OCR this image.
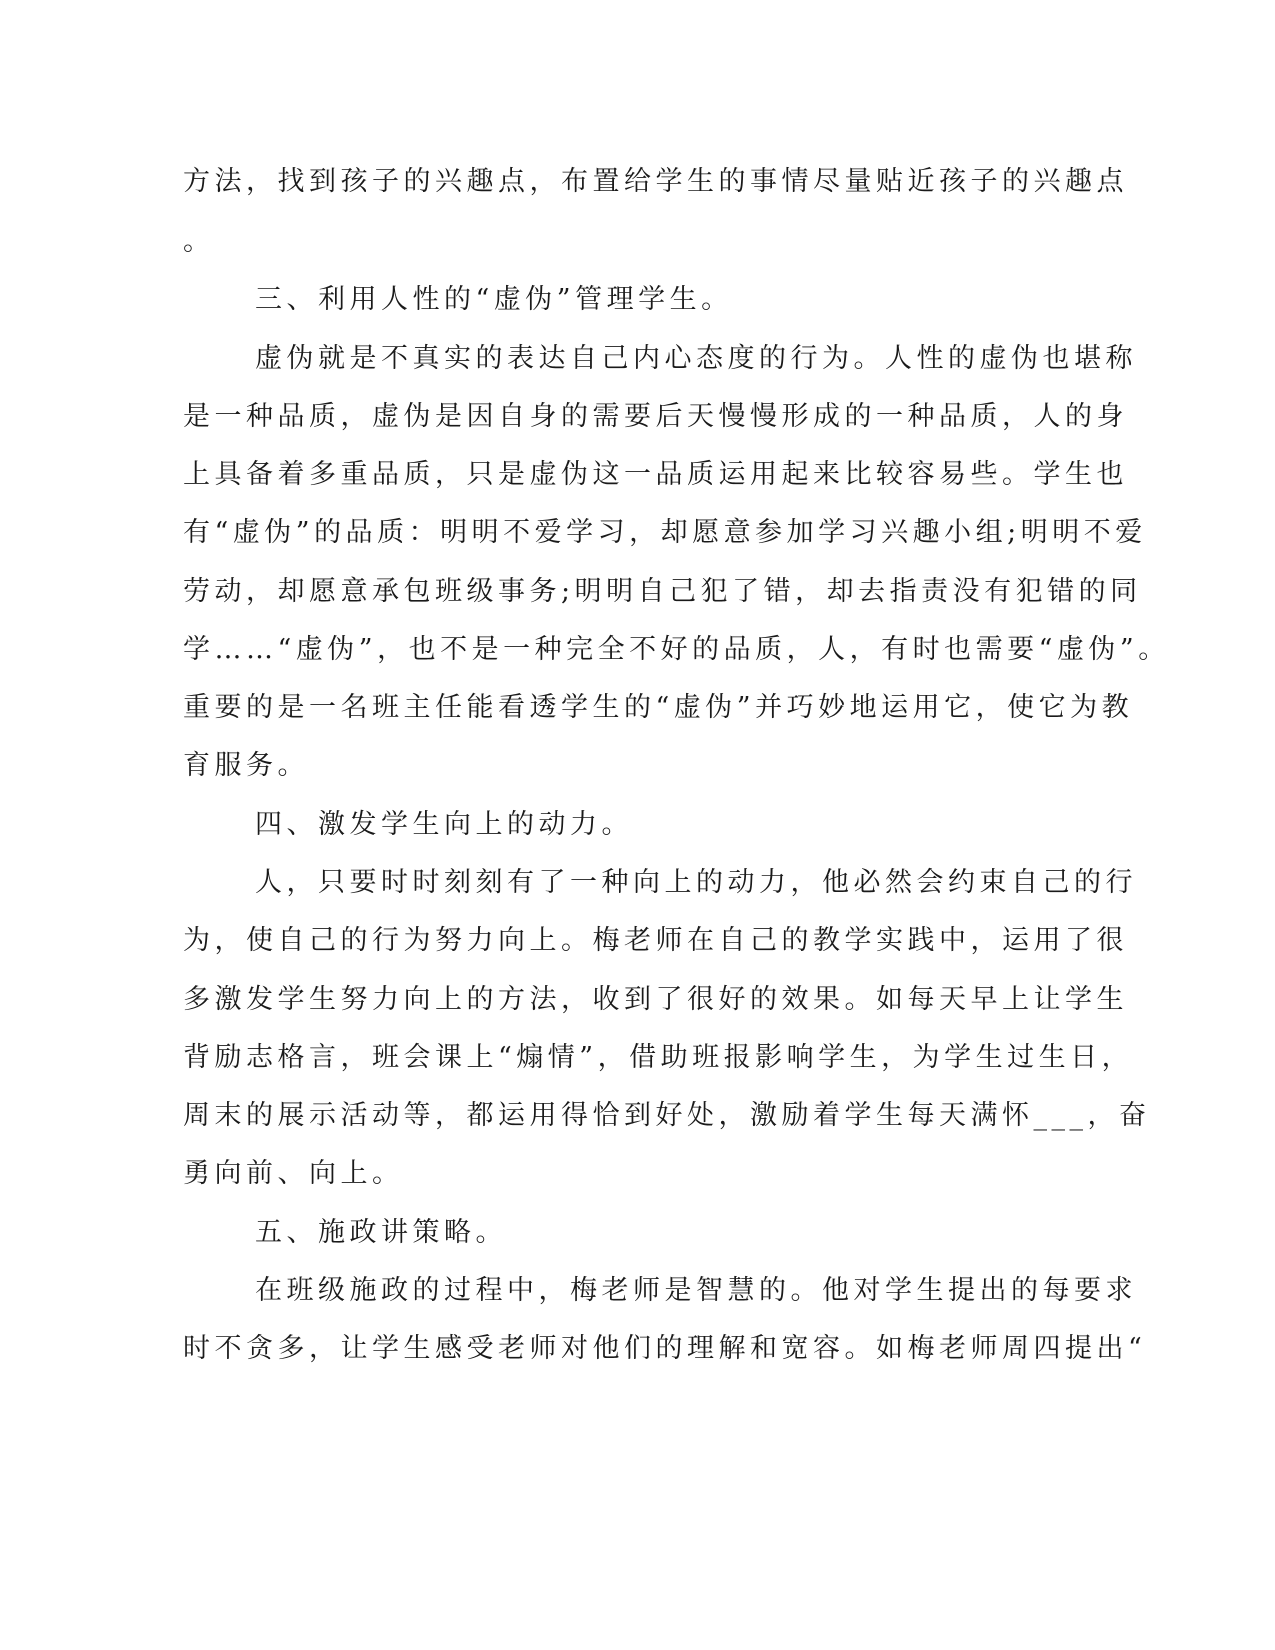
方法，找到孩子的兴趣点，布置给学生的事情尽量贴近孩子的兴趣点
。
三、利用人性的“虚伪”管理学生。
虚伪就是不真实的表达自己内心态度的行为。人性的虚伪也堪称
是一种品质，虚伪是因自身的需要后天慢慢形成的一种品质，人的身
上具备着多重品质，只是虚伪这一品质运用起来比较容易些。学生也
有“虚伪”的品质：明明不爱学习，却愿意参加学习兴趣小组;明明不爱
劳动，却愿意承包班级事务;明明自己犯了错，却去指责没有犯错的同
学……“虚伪”，也不是一种完全不好的品质，人，有时也需要“虚伪”。
重要的是一名班主任能看透学生的“虚伪”并巧妙地运用它，使它为教
育服务。
四、激发学生向上的动力。
人，只要时时刻刻有了一种向上的动力，他必然会约束自己的行
为，使自己的行为努力向上。梅老师在自己的教学实践中，运用了很
多激发学生努力向上的方法，收到了很好的效果。如每天早上让学生
背励志格言，班会课上“煽情”，借助班报影响学生，为学生过生日，
周末的展示活动等，都运用得恰到好处，激励着学生每天满怀___，奋
勇向前、向上。
五、施政讲策略。
在班级施政的过程中，梅老师是智慧的。他对学生提出的每要求
时不贪多，让学生感受老师对他们的理解和宽容。如梅老师周四提出“
